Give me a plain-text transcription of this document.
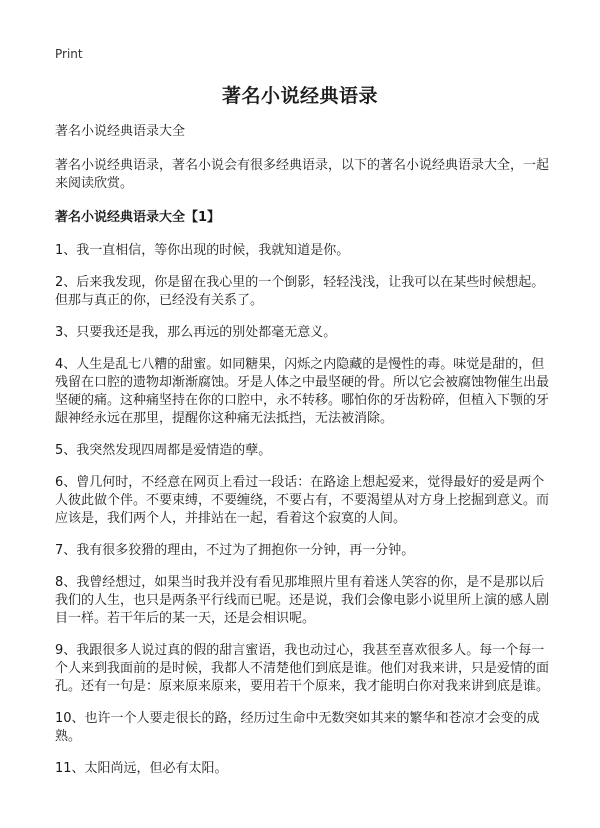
Print
著名小说经典语录

著名小说经典语录大全

著名小说经典语录，著名小说会有很多经典语录，以下的著名小说经典语录大全，一起来阅读欣赏。

著名小说经典语录大全【1】

1、我一直相信，等你出现的时候，我就知道是你。

2、后来我发现，你是留在我心里的一个倒影，轻轻浅浅，让我可以在某些时候想起。但那与真正的你，已经没有关系了。

3、只要我还是我，那么再远的别处都毫无意义。

4、人生是乱七八糟的甜蜜。如同糖果，闪烁之内隐藏的是慢性的毒。味觉是甜的，但残留在口腔的遗物却渐渐腐蚀。牙是人体之中最坚硬的骨。所以它会被腐蚀物催生出最坚硬的痛。这种痛坚持在你的口腔中，永不转移。哪怕你的牙齿粉碎，但植入下颚的牙龈神经永远在那里，提醒你这种痛无法抵挡，无法被消除。

5、我突然发现四周都是爱情造的孽。

6、曾几何时，不经意在网页上看过一段话：在路途上想起爱来，觉得最好的爱是两个人彼此做个伴。不要束缚，不要缠绕，不要占有，不要渴望从对方身上挖掘到意义。而应该是，我们两个人，并排站在一起，看着这个寂寞的人间。

7、我有很多狡猾的理由，不过为了拥抱你一分钟，再一分钟。

8、我曾经想过，如果当时我并没有看见那堆照片里有着迷人笑容的你，是不是那以后我们的人生，也只是两条平行线而已呢。还是说，我们会像电影小说里所上演的感人剧目一样。若干年后的某一天，还是会相识呢。

9、我跟很多人说过真的假的甜言蜜语，我也动过心，我甚至喜欢很多人。每一个每一个人来到我面前的是时候，我都人不清楚他们到底是谁。他们对我来讲，只是爱情的面孔。还有一句是：原来原来原来，要用若干个原来，我才能明白你对我来讲到底是谁。

10、也许一个人要走很长的路，经历过生命中无数突如其来的繁华和苍凉才会变的成熟。

11、太阳尚远，但必有太阳。
